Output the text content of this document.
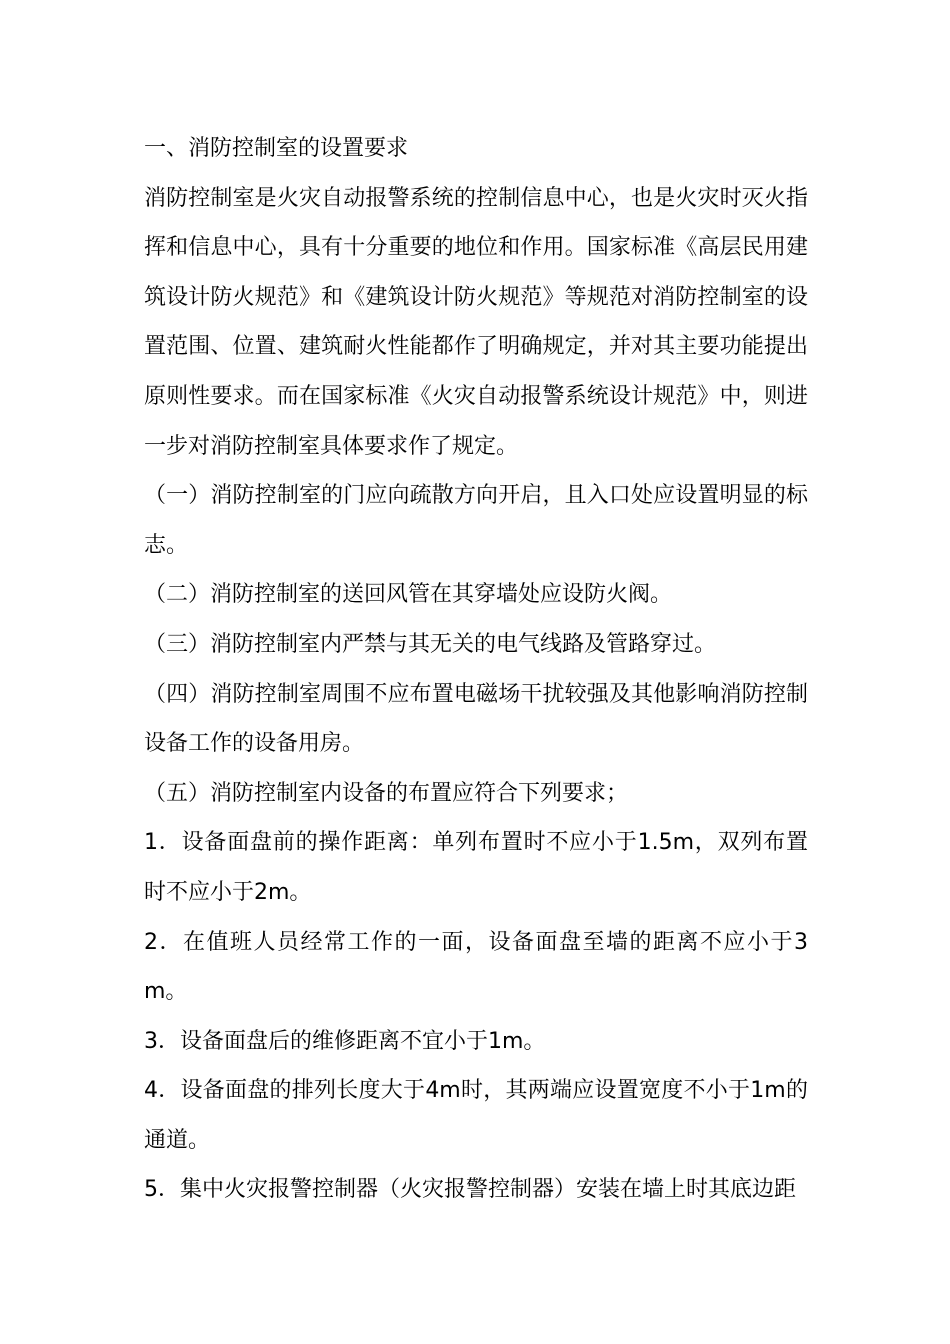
一、消防控制室的设置要求

消防控制室是火灾自动报警系统的控制信息中心，也是火灾时灭火指挥和信息中心，具有十分重要的地位和作用。国家标准《高层民用建筑设计防火规范》和《建筑设计防火规范》等规范对消防控制室的设置范围、位置、建筑耐火性能都作了明确规定，并对其主要功能提出原则性要求。而在国家标准《火灾自动报警系统设计规范》中，则进一步对消防控制室具体要求作了规定。

（一）消防控制室的门应向疏散方向开启，且入口处应设置明显的标志。

（二）消防控制室的送回风管在其穿墙处应设防火阀。

（三）消防控制室内严禁与其无关的电气线路及管路穿过。

（四）消防控制室周围不应布置电磁场干扰较强及其他影响消防控制设备工作的设备用房。

（五）消防控制室内设备的布置应符合下列要求；

1．设备面盘前的操作距离：单列布置时不应小于1.5m，双列布置时不应小于2m。

2．在值班人员经常工作的一面，设备面盘至墙的距离不应小于3m。

3．设备面盘后的维修距离不宜小于1m。

4．设备面盘的排列长度大于4m时，其两端应设置宽度不小于1m的通道。

5．集中火灾报警控制器（火灾报警控制器）安装在墙上时其底边距
